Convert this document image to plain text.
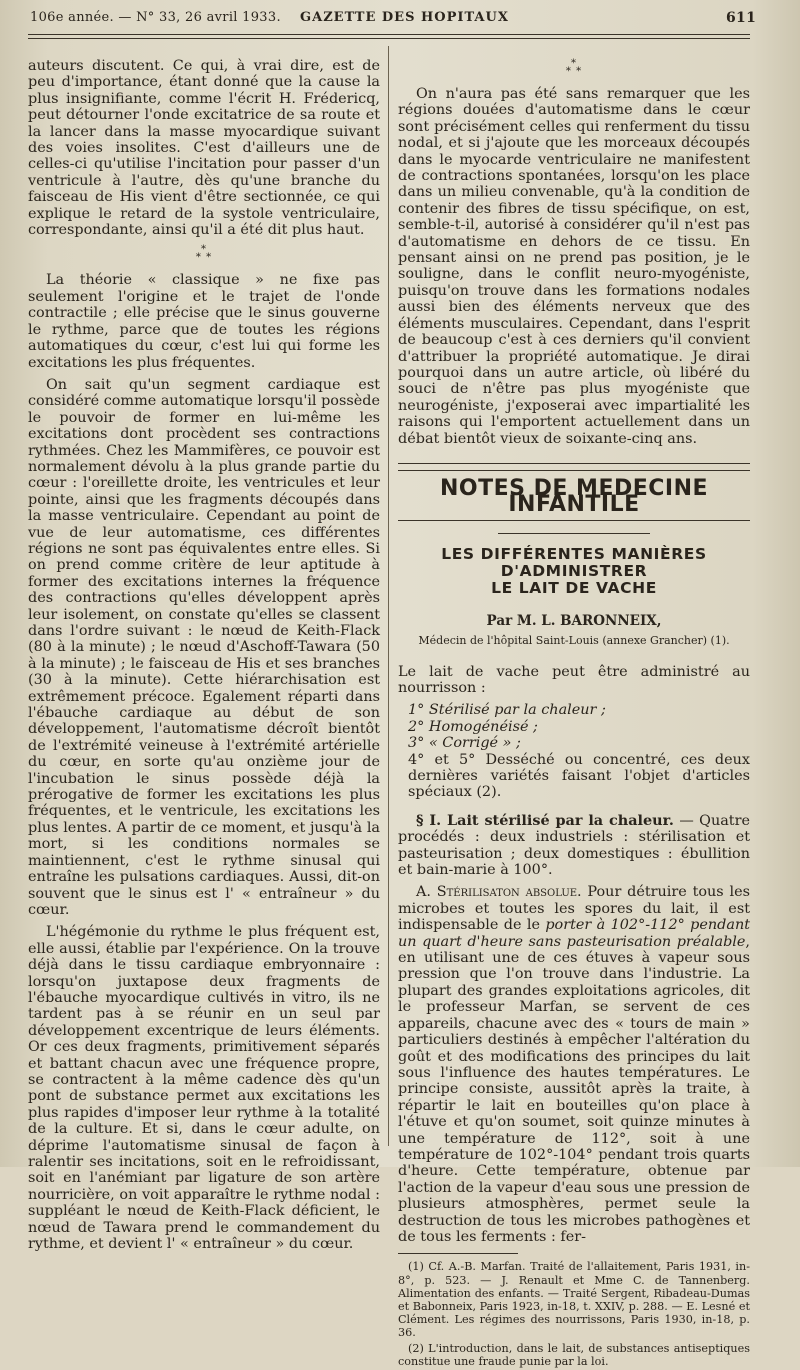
106e année. — N° 33, 26 avril 1933. GAZETTE DES HOPITAUX	611

auteurs discutent. Ce qui, à vrai dire, est de peu d'importance, étant donné que la cause la plus insignifiante, comme l'écrit H. Frédericq, peut détourner l'onde excitatrice de sa route et la lancer dans la masse myocardique suivant des voies insolites. C'est d'ailleurs une de celles-ci qu'utilise l'incitation pour passer d'un ventricule à l'autre, dès qu'une branche du faisceau de His vient d'être sectionnée, ce qui explique le retard de la systole ventriculaire, correspondante, ainsi qu'il a été dit plus haut.

*
* *

La théorie « classique » ne fixe pas seulement l'origine et le trajet de l'onde contractile ; elle précise que le sinus gouverne le rythme, parce que de toutes les régions automatiques du cœur, c'est lui qui forme les excitations les plus fréquentes.

On sait qu'un segment cardiaque est considéré comme automatique lorsqu'il possède le pouvoir de former en lui-même les excitations dont procèdent ses contractions rythmées. Chez les Mammifères, ce pouvoir est normalement dévolu à la plus grande partie du cœur : l'oreillette droite, les ventricules et leur pointe, ainsi que les fragments découpés dans la masse ventriculaire. Cependant au point de vue de leur automatisme, ces différentes régions ne sont pas équivalentes entre elles. Si on prend comme critère de leur aptitude à former des excitations internes la fréquence des contractions qu'elles développent après leur isolement, on constate qu'elles se classent dans l'ordre suivant : le nœud de Keith-Flack (80 à la minute) ; le nœud d'Aschoff-Tawara (50 à la minute) ; le faisceau de His et ses branches (30 à la minute). Cette hiérarchisation est extrêmement précoce. Egalement réparti dans l'ébauche cardiaque au début de son développement, l'automatisme décroît bientôt de l'extrémité veineuse à l'extrémité artérielle du cœur, en sorte qu'au onzième jour de l'incubation le sinus possède déjà la prérogative de former les excitations les plus fréquentes, et le ventricule, les excitations les plus lentes. A partir de ce moment, et jusqu'à la mort, si les conditions normales se maintiennent, c'est le rythme sinusal qui entraîne les pulsations cardiaques. Aussi, dit-on souvent que le sinus est l' « entraîneur » du cœur.

L'hégémonie du rythme le plus fréquent est, elle aussi, établie par l'expérience. On la trouve déjà dans le tissu cardiaque embryonnaire : lorsqu'on juxtapose deux fragments de l'ébauche myocardique cultivés in vitro, ils ne tardent pas à se réunir en un seul par développement excentrique de leurs éléments. Or ces deux fragments, primitivement séparés et battant chacun avec une fréquence propre, se contractent à la même cadence dès qu'un pont de substance permet aux excitations les plus rapides d'imposer leur rythme à la totalité de la culture. Et si, dans le cœur adulte, on déprime l'automatisme sinusal de façon à ralentir ses incitations, soit en le refroidissant, soit en l'anémiant par ligature de son artère nourricière, on voit apparaître le rythme nodal : suppléant le nœud de Keith-Flack déficient, le nœud de Tawara prend le commandement du rythme, et devient l' « entraîneur » du cœur.

*
* *

On n'aura pas été sans remarquer que les régions douées d'automatisme dans le cœur sont précisément celles qui renferment du tissu nodal, et si j'ajoute que les morceaux découpés dans le myocarde ventriculaire ne manifestent de contractions spontanées, lorsqu'on les place dans un milieu convenable, qu'à la condition de contenir des fibres de tissu spécifique, on est, semble-t-il, autorisé à considérer qu'il n'est pas d'automatisme en dehors de ce tissu. En pensant ainsi on ne prend pas position, je le souligne, dans le conflit neuro-myogéniste, puisqu'on trouve dans les formations nodales aussi bien des éléments nerveux que des éléments musculaires. Cependant, dans l'esprit de beaucoup c'est à ces derniers qu'il convient d'attribuer la propriété automatique. Je dirai pourquoi dans un autre article, où libéré du souci de n'être pas plus myogéniste que neurogéniste, j'exposerai avec impartialité les raisons qui l'emportent actuellement dans un débat bientôt vieux de soixante-cinq ans.

NOTES DE MEDECINE INFANTILE
LES DIFFÉRENTES MANIÈRES D'ADMINISTRER
LE LAIT DE VACHE
Par M. L. BARONNEIX,
Médecin de l'hôpital Saint-Louis (annexe Grancher) (1).

Le lait de vache peut être administré au nourrisson :

1° Stérilisé par la chaleur ;
2° Homogénéisé ;
3° « Corrigé » ;
4° et 5° Desséché ou concentré, ces deux dernières variétés faisant l'objet d'articles spéciaux (2).

§ I. Lait stérilisé par la chaleur. — Quatre procédés : deux industriels : stérilisation et pasteurisation ; deux domestiques : ébullition et bain-marie à 100°.

A. Stérilisaton absolue. Pour détruire tous les microbes et toutes les spores du lait, il est indispensable de le porter à 102°-112° pendant un quart d'heure sans pasteurisation préalable, en utilisant une de ces étuves à vapeur sous pression que l'on trouve dans l'industrie. La plupart des grandes exploitations agricoles, dit le professeur Marfan, se servent de ces appareils, chacune avec des « tours de main » particuliers destinés à empêcher l'altération du goût et des modifications des principes du lait sous l'influence des hautes températures. Le principe consiste, aussitôt après la traite, à répartir le lait en bouteilles qu'on place à l'étuve et qu'on soumet, soit quinze minutes à une température de 112°, soit à une température de 102°-104° pendant trois quarts d'heure. Cette température, obtenue par l'action de la vapeur d'eau sous une pression de plusieurs atmosphères, permet seule la destruction de tous les microbes pathogènes et de tous les ferments : fer-

(1) Cf. A.-B. Marfan. Traité de l'allaitement, Paris 1931, in-8°, p. 523. — J. Renault et Mme C. de Tannenberg. Alimentation des enfants. — Traité Sergent, Ribadeau-Dumas et Babonneix, Paris 1923, in-18, t. XXIV, p. 288. — E. Lesné et Clément. Les régimes des nourrissons, Paris 1930, in-18, p. 36.

(2) L'introduction, dans le lait, de substances antiseptiques constitue une fraude punie par la loi.
